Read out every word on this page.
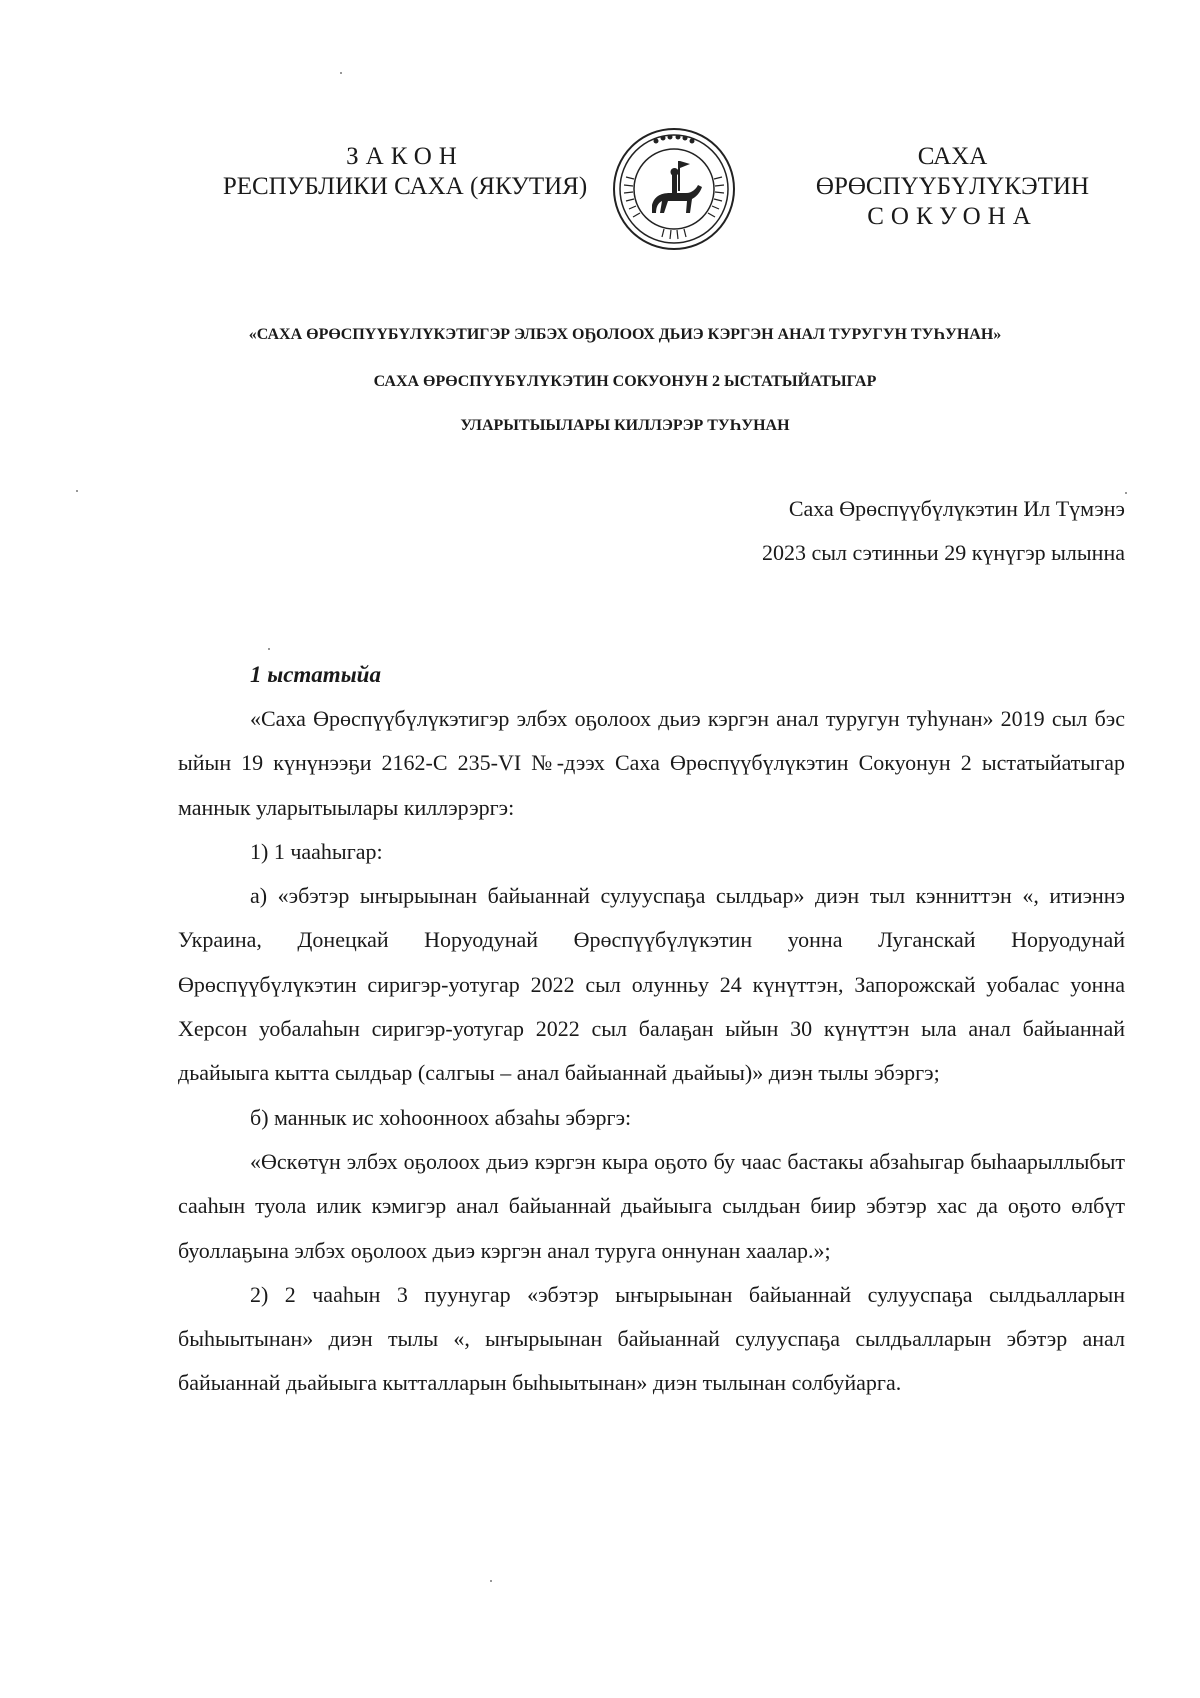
ЗАКОН
РЕСПУБЛИКИ САХА (ЯКУТИЯ)
САХА ӨРӨСПҮҮБҮЛҮКЭТИН
СОКУОНА
«САХА ӨРӨСПҮҮБҮЛҮКЭТИГЭР ЭЛБЭХ ОҔОЛООХ ДЬИЭ КЭРГЭН АНАЛ ТУРУГУН ТУҺУНАН»
САХА ӨРӨСПҮҮБҮЛҮКЭТИН СОКУОНУН 2 ЫСТАТЫЙАТЫГАР
УЛАРЫТЫЫЛАРЫ КИЛЛЭРЭР ТУҺУНАН
Саха Өрөспүүбүлүкэтин Ил Түмэнэ
2023 сыл сэтинньи 29 күнүгэр ылынна
1 ыстатыйа

«Саха Өрөспүүбүлүкэтигэр элбэх оҕолоох дьиэ кэргэн анал туругун туһунан» 2019 сыл бэс ыйын 19 күнүнээҕи 2162-С 235-VI №-дээх Саха Өрөспүүбүлүкэтин Сокуонун 2 ыстатыйатыгар маннык уларытыылары киллэрэргэ:

1) 1 чааһыгар:

а) «эбэтэр ыҥырыынан байыаннай сулууспаҕа сылдьар» диэн тыл кэнниттэн «, итиэннэ Украина, Донецкай Норуодунай Өрөспүүбүлүкэтин уонна Луганскай Норуодунай Өрөспүүбүлүкэтин сиригэр-уотугар 2022 сыл олунньу 24 күнүттэн, Запорожскай уобалас уонна Херсон уобалаһын сиригэр-уотугар 2022 сыл балаҕан ыйын 30 күнүттэн ыла анал байыаннай дьайыыга кытта сылдьар (салгыы – анал байыаннай дьайыы)» диэн тылы эбэргэ;

б) маннык ис хоһоонноох абзаһы эбэргэ:

«Өскөтүн элбэх оҕолоох дьиэ кэргэн кыра оҕото бу чаас бастакы абзаһыгар быһаарыллыбыт сааһын туола илик кэмигэр анал байыаннай дьайыыга сылдьан биир эбэтэр хас да оҕото өлбүт буоллаҕына элбэх оҕолоох дьиэ кэргэн анал туруга оннунан хаалар.»;

2) 2 чааһын 3 пуунугар «эбэтэр ыҥырыынан байыаннай сулууспаҕа сылдьалларын быһыытынан» диэн тылы «, ыҥырыынан байыаннай сулууспаҕа сылдьалларын эбэтэр анал байыаннай дьайыыга кытталларын быһыытынан» диэн тылынан солбуйарга.
